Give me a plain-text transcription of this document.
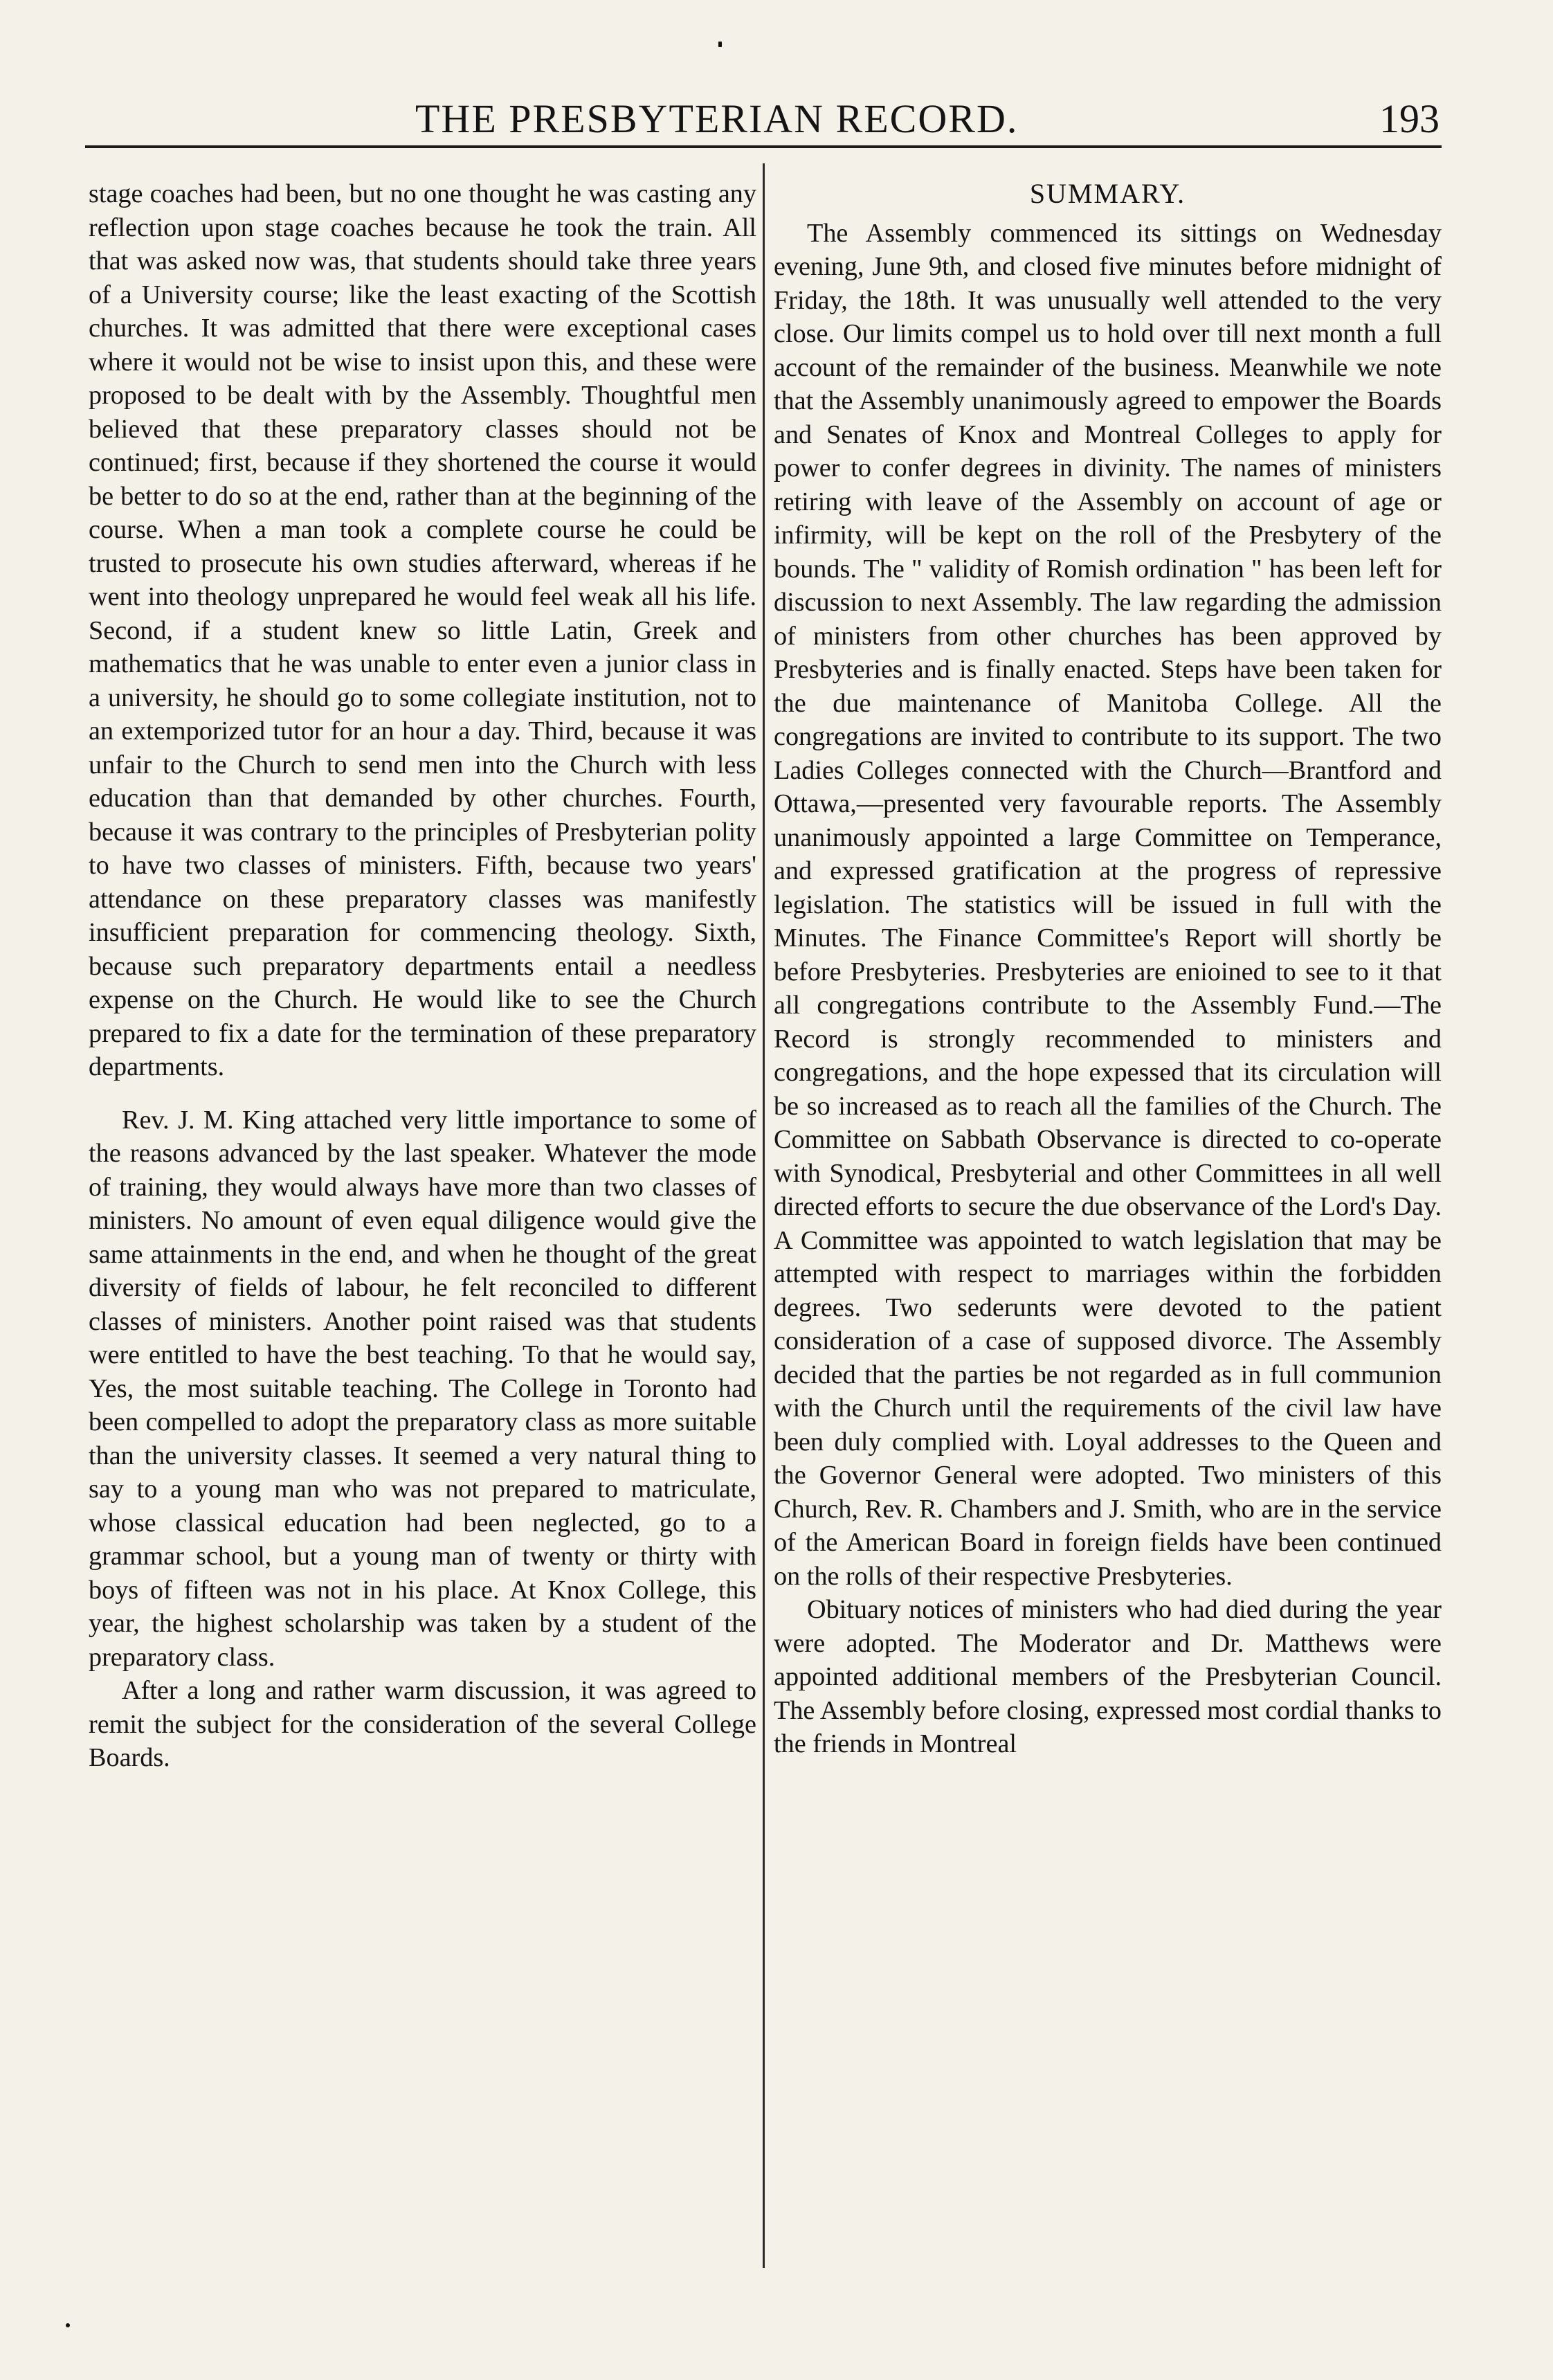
THE PRESBYTERIAN RECORD.	193

stage coaches had been, but no one thought he was casting any reflection upon stage coaches because he took the train. All that was asked now was, that students should take three years of a University course; like the least exacting of the Scottish churches. It was admitted that there were exceptional cases where it would not be wise to insist upon this, and these were proposed to be dealt with by the Assembly. Thoughtful men believed that these preparatory classes should not be continued; first, because if they shortened the course it would be better to do so at the end, rather than at the beginning of the course. When a man took a complete course he could be trusted to prosecute his own studies afterward, whereas if he went into theology unprepared he would feel weak all his life. Second, if a student knew so little Latin, Greek and mathematics that he was unable to enter even a junior class in a university, he should go to some collegiate institution, not to an extemporized tutor for an hour a day. Third, because it was unfair to the Church to send men into the Church with less education than that demanded by other churches. Fourth, because it was contrary to the principles of Presbyterian polity to have two classes of ministers. Fifth, because two years' attendance on these preparatory classes was manifestly insufficient preparation for commencing theology. Sixth, because such preparatory departments entail a needless expense on the Church. He would like to see the Church prepared to fix a date for the termination of these preparatory departments.

Rev. J. M. King attached very little importance to some of the reasons advanced by the last speaker. Whatever the mode of training, they would always have more than two classes of ministers. No amount of even equal diligence would give the same attainments in the end, and when he thought of the great diversity of fields of labour, he felt reconciled to different classes of ministers. Another point raised was that students were entitled to have the best teaching. To that he would say, Yes, the most suitable teaching. The College in Toronto had been compelled to adopt the preparatory class as more suitable than the university classes. It seemed a very natural thing to say to a young man who was not prepared to matriculate, whose classical education had been neglected, go to a grammar school, but a young man of twenty or thirty with boys of fifteen was not in his place. At Knox College, this year, the highest scholarship was taken by a student of the preparatory class.

After a long and rather warm discussion, it was agreed to remit the subject for the consideration of the several College Boards.

SUMMARY.

The Assembly commenced its sittings on Wednesday evening, June 9th, and closed five minutes before midnight of Friday, the 18th. It was unusually well attended to the very close. Our limits compel us to hold over till next month a full account of the remainder of the business. Meanwhile we note that the Assembly unanimously agreed to empower the Boards and Senates of Knox and Montreal Colleges to apply for power to confer degrees in divinity. The names of ministers retiring with leave of the Assembly on account of age or infirmity, will be kept on the roll of the Presbytery of the bounds. The " validity of Romish ordination " has been left for discussion to next Assembly. The law regarding the admission of ministers from other churches has been approved by Presbyteries and is finally enacted. Steps have been taken for the due maintenance of Manitoba College. All the congregations are invited to contribute to its support. The two Ladies Colleges connected with the Church—Brantford and Ottawa,—presented very favourable reports. The Assembly unanimously appointed a large Committee on Temperance, and expressed gratification at the progress of repressive legislation. The statistics will be issued in full with the Minutes. The Finance Committee's Report will shortly be before Presbyteries. Presbyteries are enioined to see to it that all congregations contribute to the Assembly Fund.—The Record is strongly recommended to ministers and congregations, and the hope expessed that its circulation will be so increased as to reach all the families of the Church. The Committee on Sabbath Observance is directed to co-operate with Synodical, Presbyterial and other Committees in all well directed efforts to secure the due observance of the Lord's Day. A Committee was appointed to watch legislation that may be attempted with respect to marriages within the forbidden degrees. Two sederunts were devoted to the patient consideration of a case of supposed divorce. The Assembly decided that the parties be not regarded as in full communion with the Church until the requirements of the civil law have been duly complied with. Loyal addresses to the Queen and the Governor General were adopted. Two ministers of this Church, Rev. R. Chambers and J. Smith, who are in the service of the American Board in foreign fields have been continued on the rolls of their respective Presbyteries.

Obituary notices of ministers who had died during the year were adopted. The Moderator and Dr. Matthews were appointed additional members of the Presbyterian Council. The Assembly before closing, expressed most cordial thanks to the friends in Montreal
